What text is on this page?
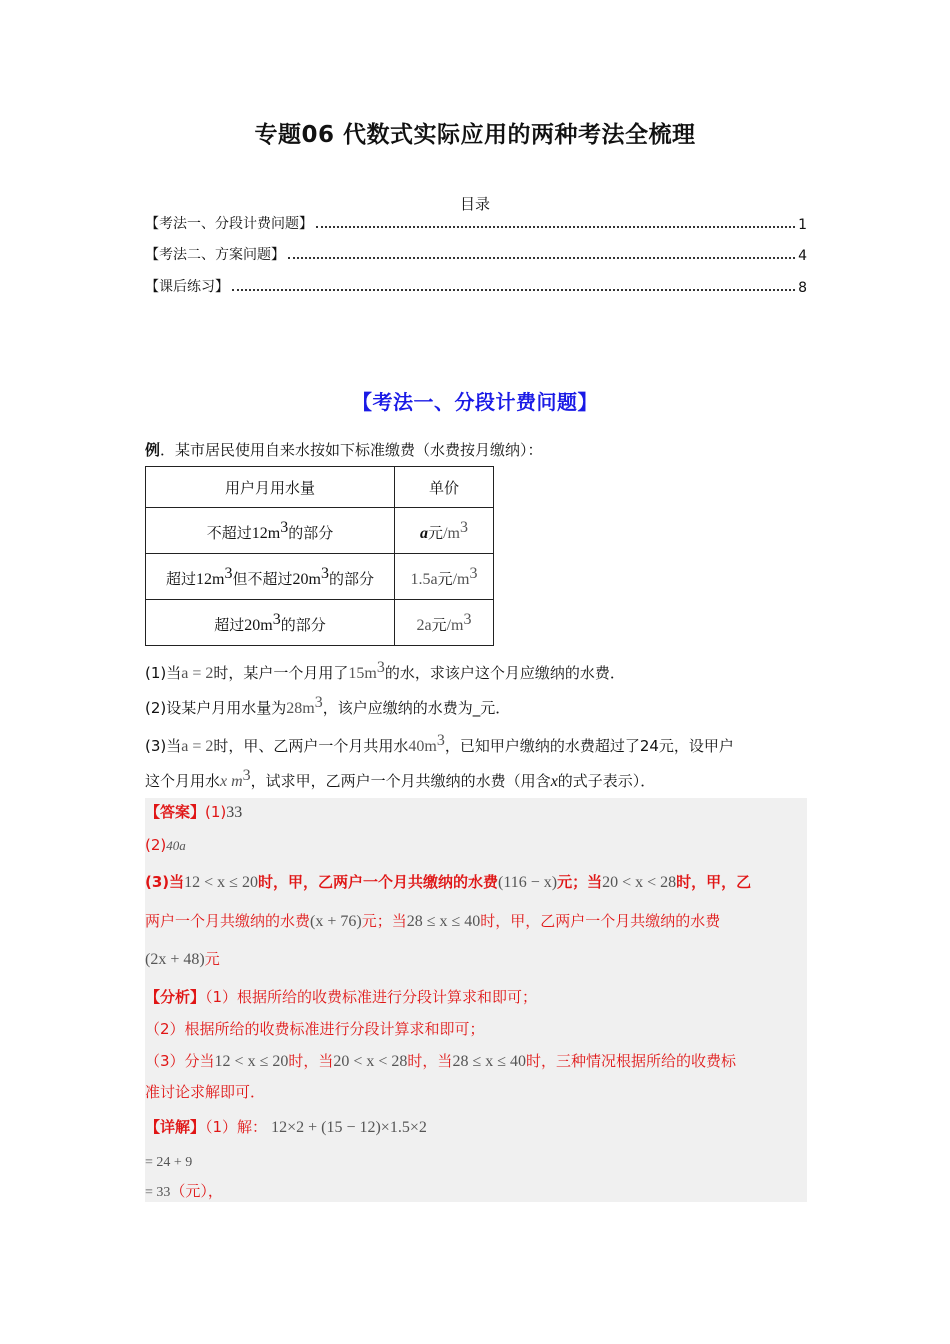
专题06 代数式实际应用的两种考法全梳理
目录
【考法一、分段计费问题】	1
【考法二、方案问题】	4
【课后练习】	8
【考法一、分段计费问题】
例．某市居民使用自来水按如下标准缴费（水费按月缴纳）：
用户月用水量	单价
不超过$12m^3$的部分	a元$/m^3$
超过$12m^3$但不超过$20m^3$的部分	1.5a元$/m^3$
超过$20m^3$的部分	2a元$/m^3$
(1)当a = 2时，某户一个月用了$15m^3$的水，求该户这个月应缴纳的水费．
(2)设某户月用水量为$28m^3$，该户应缴纳的水费为_元．
(3)当a = 2时，甲、乙两户一个月共用水$40m^3$，已知甲户缴纳的水费超过了24元，设甲户
这个月用水x $m^3$，试求甲，乙两户一个月共缴纳的水费（用含x的式子表示）．
【答案】(1)33
(2)40a
(3)当12 < x ≤ 20时，甲，乙两户一个月共缴纳的水费(116 − x)元；当20 < x < 28时，甲，乙
两户一个月共缴纳的水费(x + 76)元；当28 ≤ x ≤ 40时，甲，乙两户一个月共缴纳的水费
(2x + 48)元
【分析】（1）根据所给的收费标准进行分段计算求和即可；
（2）根据所给的收费标准进行分段计算求和即可；
（3）分当12 < x ≤ 20时，当20 < x < 28时，当28 ≤ x ≤ 40时，三种情况根据所给的收费标
准讨论求解即可．
【详解】（1）解： 12×2 + (15 − 12)×1.5×2
= 24 + 9
= 33（元），
